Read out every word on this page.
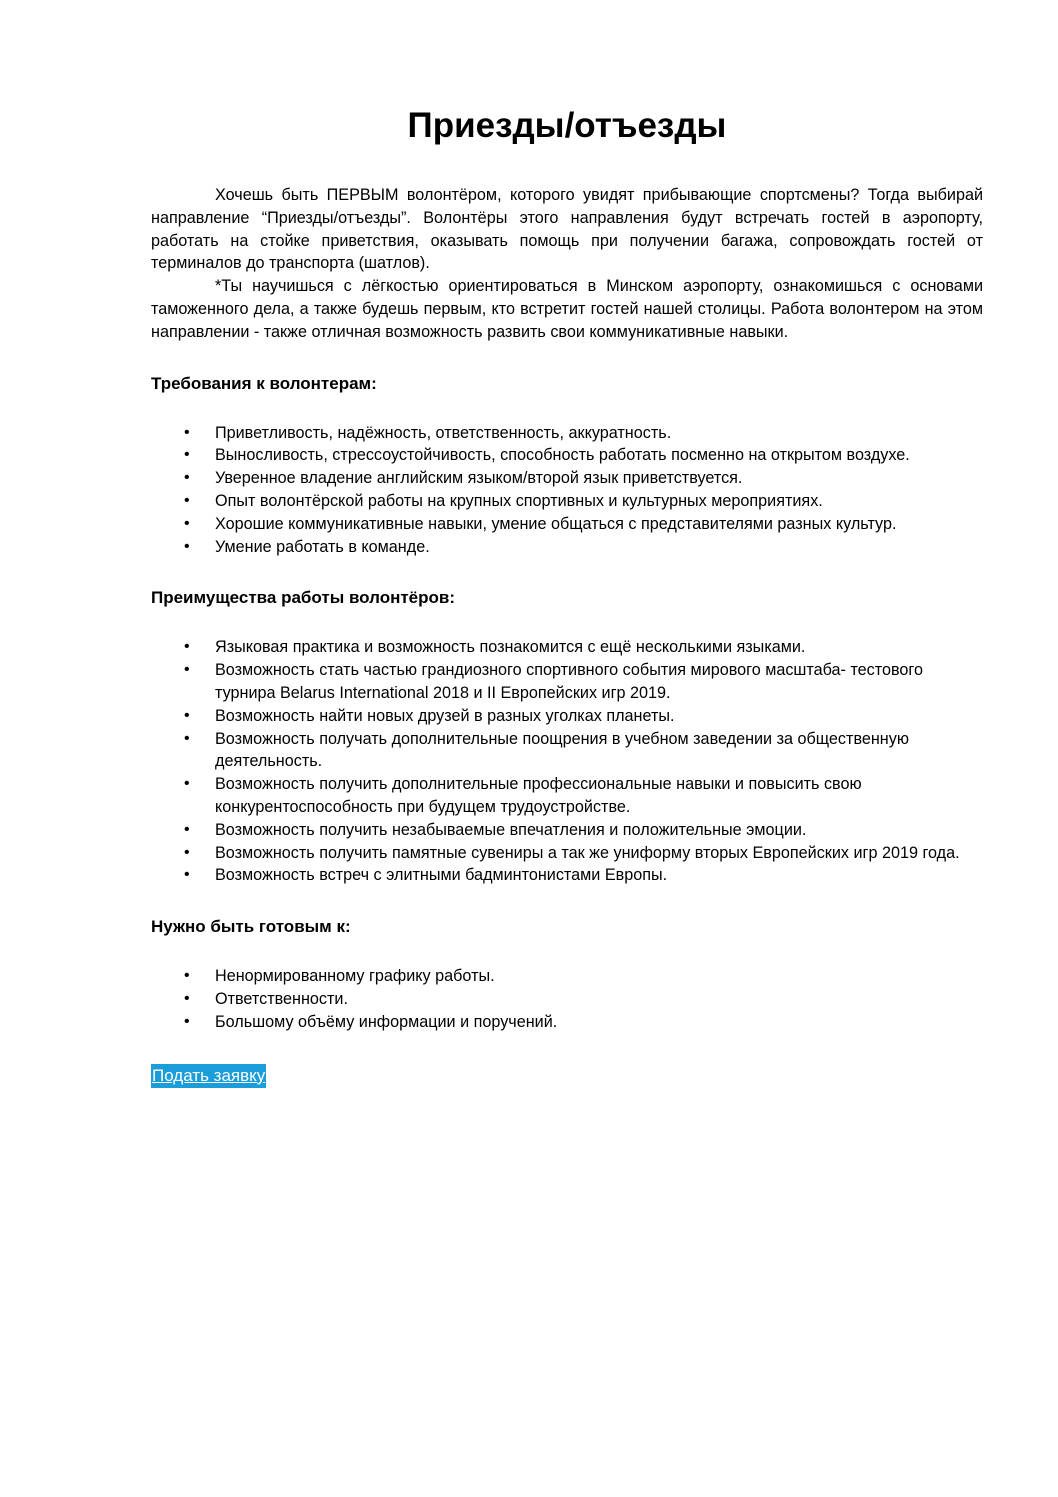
Приезды/отъезды

Хочешь быть ПЕРВЫМ волонтёром, которого увидят прибывающие спортсмены? Тогда выбирай направление “Приезды/отъезды”. Волонтёры этого направления будут встречать гостей в аэропорту, работать на стойке приветствия, оказывать помощь при получении багажа, сопровождать гостей от терминалов до транспорта (шатлов).

*Ты научишься с лёгкостью ориентироваться в Минском аэропорту, ознакомишься с основами таможенного дела, а также будешь первым, кто встретит гостей нашей столицы. Работа волонтером на этом направлении - также отличная возможность развить свои коммуникативные навыки.

Требования к волонтерам:
• Приветливость, надёжность, ответственность, аккуратность.
• Выносливость, стрессоустойчивость, способность работать посменно на открытом воздухе.
• Уверенное владение английским языком/второй язык приветствуется.
• Опыт волонтёрской работы на крупных спортивных и культурных мероприятиях.
• Хорошие коммуникативные навыки, умение общаться с представителями разных культур.
• Умение работать в команде.
Преимущества работы волонтёров:
• Языковая практика и возможность познакомится с ещё несколькими языками.
• Возможность стать частью грандиозного спортивного события мирового масштаба- тестового турнира Belarus International 2018 и II Европейских игр 2019.
• Возможность найти новых друзей в разных уголках планеты.
• Возможность получать дополнительные поощрения в учебном заведении за общественную деятельность.
• Возможность получить дополнительные профессиональные навыки и повысить свою конкурентоспособность при будущем трудоустройстве.
• Возможность получить незабываемые впечатления и положительные эмоции.
• Возможность получить памятные сувениры а так же униформу вторых Европейских игр 2019 года.
• Возможность встреч с элитными бадминтонистами Европы.
Нужно быть готовым к:
• Ненормированному графику работы.
• Ответственности.
• Большому объёму информации и поручений.
Подать заявку
